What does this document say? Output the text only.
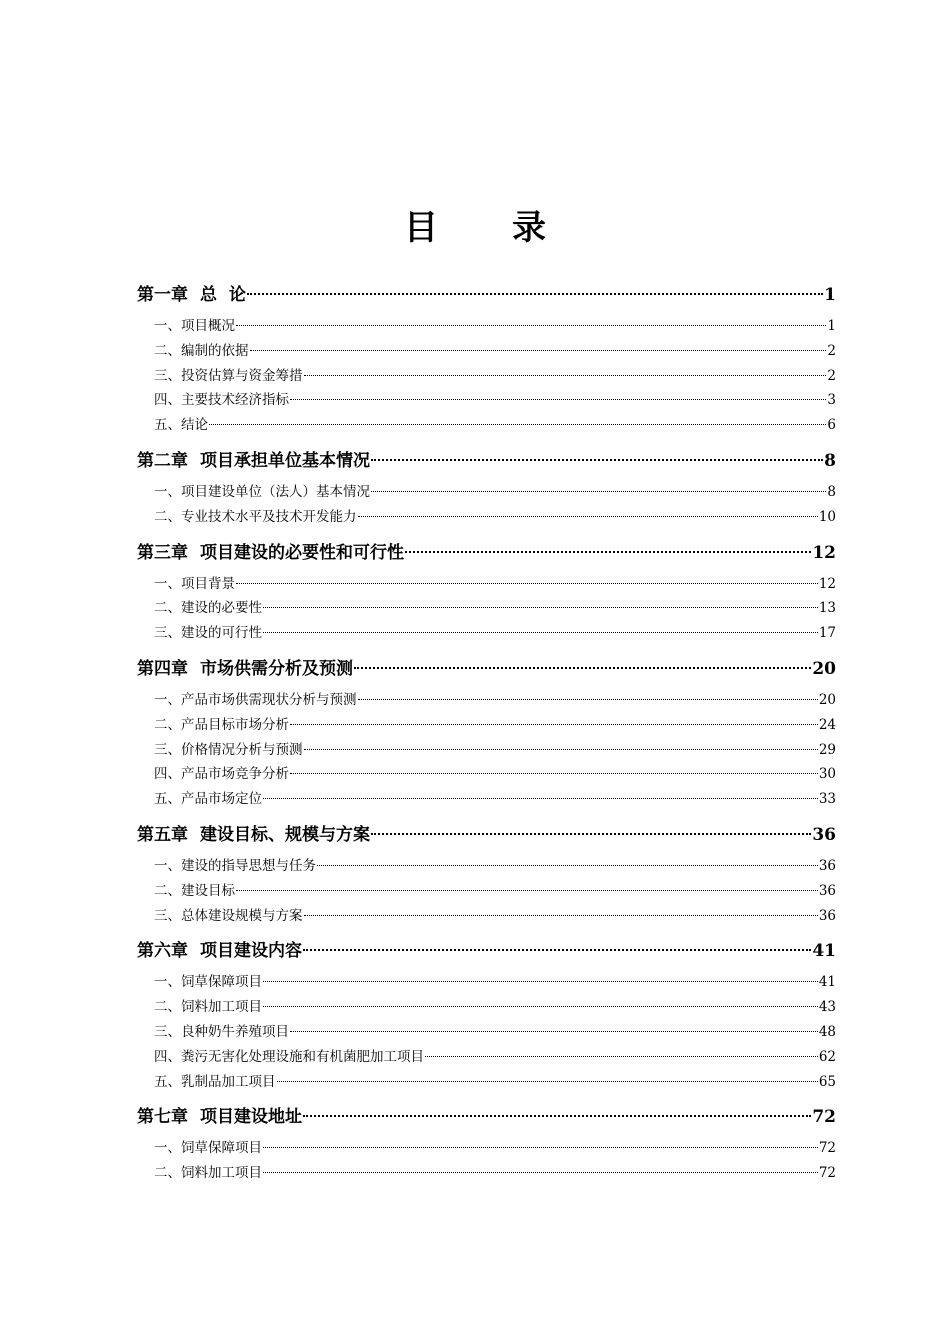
目 录
第一章 总  论	1
一、项目概况	1
二、编制的依据	2
三、投资估算与资金筹措	2
四、主要技术经济指标	3
五、结论	6
第二章 项目承担单位基本情况	8
一、项目建设单位（法人）基本情况	8
二、专业技术水平及技术开发能力	10
第三章 项目建设的必要性和可行性	12
一、项目背景	12
二、建设的必要性	13
三、建设的可行性	17
第四章 市场供需分析及预测	20
一、产品市场供需现状分析与预测	20
二、产品目标市场分析	24
三、价格情况分析与预测	29
四、产品市场竞争分析	30
五、产品市场定位	33
第五章 建设目标、规模与方案	36
一、建设的指导思想与任务	36
二、建设目标	36
三、总体建设规模与方案	36
第六章 项目建设内容	41
一、饲草保障项目	41
二、饲料加工项目	43
三、良种奶牛养殖项目	48
四、粪污无害化处理设施和有机菌肥加工项目	62
五、乳制品加工项目	65
第七章 项目建设地址	72
一、饲草保障项目	72
二、饲料加工项目	72
